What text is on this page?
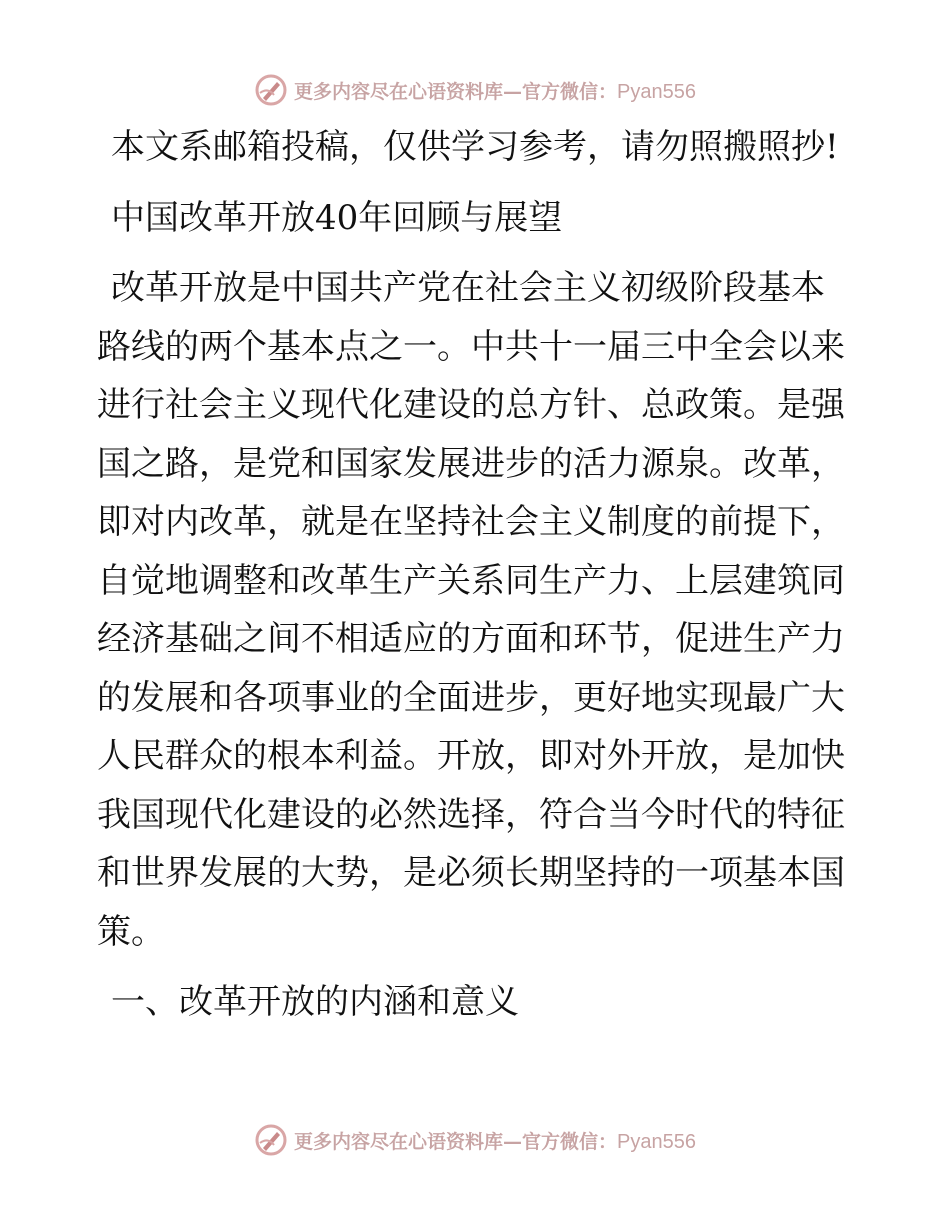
更多内容尽在心语资料库—官方微信：Pyan556

本文系邮箱投稿，仅供学习参考，请勿照搬照抄!

中国改革开放40年回顾与展望

改革开放是中国共产党在社会主义初级阶段基本路线的两个基本点之一。中共十一届三中全会以来进行社会主义现代化建设的总方针、总政策。是强国之路，是党和国家发展进步的活力源泉。改革，即对内改革，就是在坚持社会主义制度的前提下，自觉地调整和改革生产关系同生产力、上层建筑同经济基础之间不相适应的方面和环节，促进生产力的发展和各项事业的全面进步，更好地实现最广大人民群众的根本利益。开放，即对外开放，是加快我国现代化建设的必然选择，符合当今时代的特征和世界发展的大势，是必须长期坚持的一项基本国策。

一、改革开放的内涵和意义

更多内容尽在心语资料库—官方微信：Pyan556
